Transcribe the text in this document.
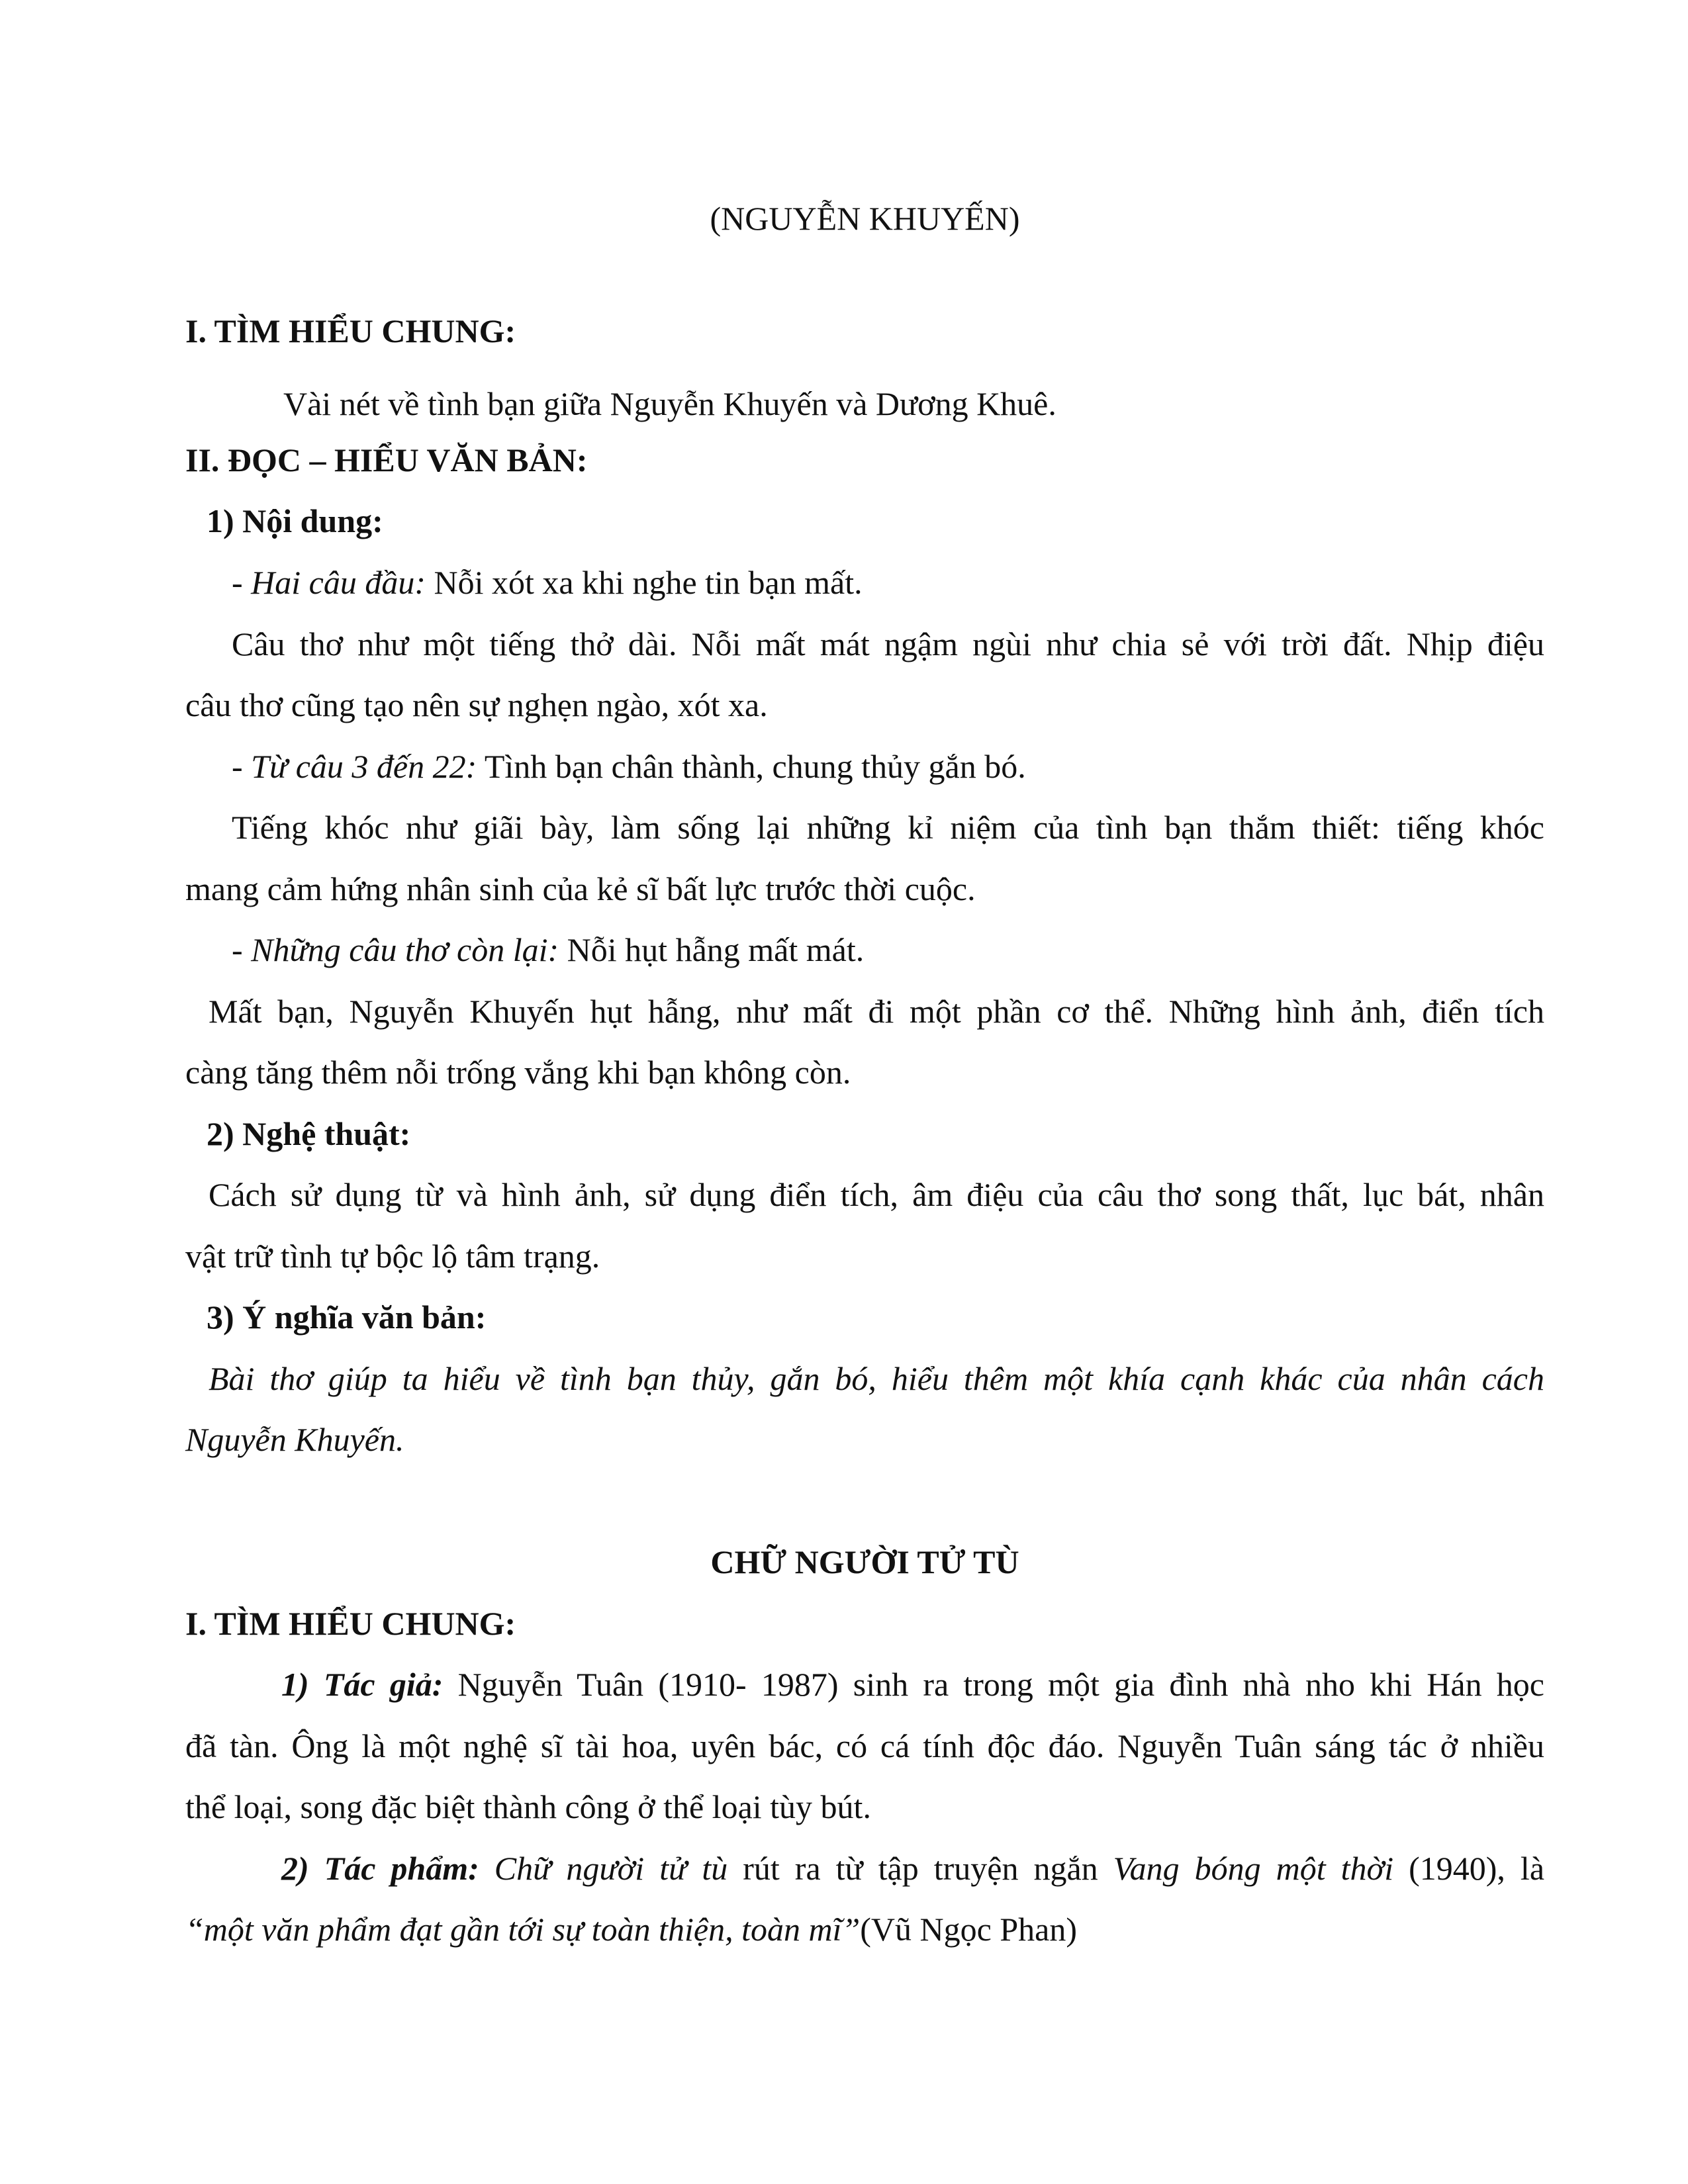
(NGUYỄN KHUYẾN)
I. TÌM HIỂU CHUNG:
Vài nét về tình bạn giữa Nguyễn Khuyến và Dương Khuê.
II. ĐỌC – HIỂU VĂN BẢN:
1) Nội dung:
- Hai câu đầu: Nỗi xót xa khi nghe tin bạn mất.
Câu thơ như một tiếng thở dài. Nỗi mất mát ngậm ngùi như chia sẻ với trời đất. Nhịp điệu
câu thơ cũng tạo nên sự nghẹn ngào, xót xa.
- Từ câu 3 đến 22: Tình bạn chân thành, chung thủy gắn bó.
Tiếng khóc như giãi bày, làm sống lại những kỉ niệm của tình bạn thắm thiết: tiếng khóc
mang cảm hứng nhân sinh của kẻ sĩ bất lực trước thời cuộc.
- Những câu thơ còn lại: Nỗi hụt hẫng mất mát.
Mất bạn, Nguyễn Khuyến hụt hẫng, như mất đi một phần cơ thể. Những hình ảnh, điển tích
càng tăng thêm nỗi trống vắng khi bạn không còn.
2) Nghệ thuật:
Cách sử dụng từ và hình ảnh, sử dụng điển tích, âm điệu của câu thơ song thất, lục bát, nhân
vật trữ tình tự bộc lộ tâm trạng.
3) Ý nghĩa văn bản:
Bài thơ giúp ta hiểu về tình bạn thủy, gắn bó, hiểu thêm một khía cạnh khác của nhân cách
Nguyễn Khuyến.
CHỮ NGƯỜI TỬ TÙ
I. TÌM HIỂU CHUNG:
1) Tác giả: Nguyễn Tuân (1910- 1987) sinh ra trong một gia đình nhà nho khi Hán học
đã tàn. Ông là một nghệ sĩ tài hoa, uyên bác, có cá tính độc đáo. Nguyễn Tuân sáng tác ở nhiều
thể loại, song đặc biệt thành công ở thể loại tùy bút.
2) Tác phẩm: Chữ người tử tù rút ra từ tập truyện ngắn Vang bóng một thời (1940), là
“một văn phẩm đạt gần tới sự toàn thiện, toàn mĩ”(Vũ Ngọc Phan)
